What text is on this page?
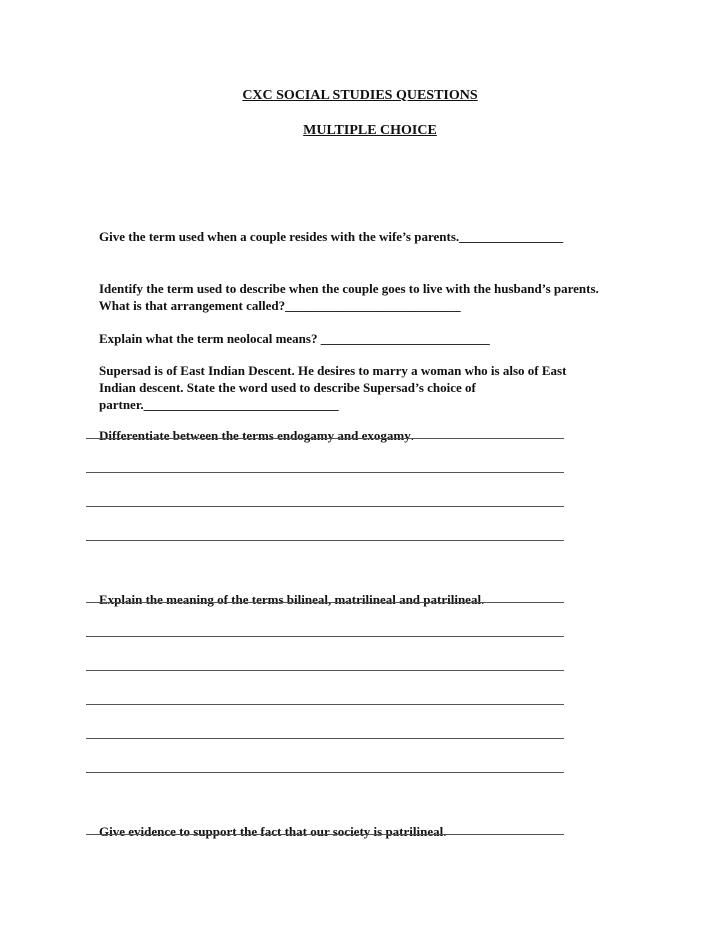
CXC SOCIAL STUDIES QUESTIONS
MULTIPLE CHOICE

Give the term used when a couple resides with the wife’s parents.________________

Identify the term used to describe when the couple goes to live with the husband’s parents.

What is that arrangement called?___________________________

Explain what the term neolocal means? __________________________

Supersad is of East Indian Descent. He desires to marry a woman who is also of East

Indian descent. State the word used to describe Supersad’s choice of

partner.______________________________

Differentiate between the terms endogamy and exogamy.

Explain the meaning of the terms bilineal, matrilineal and patrilineal.

Give evidence to support the fact that our society is patrilineal.
